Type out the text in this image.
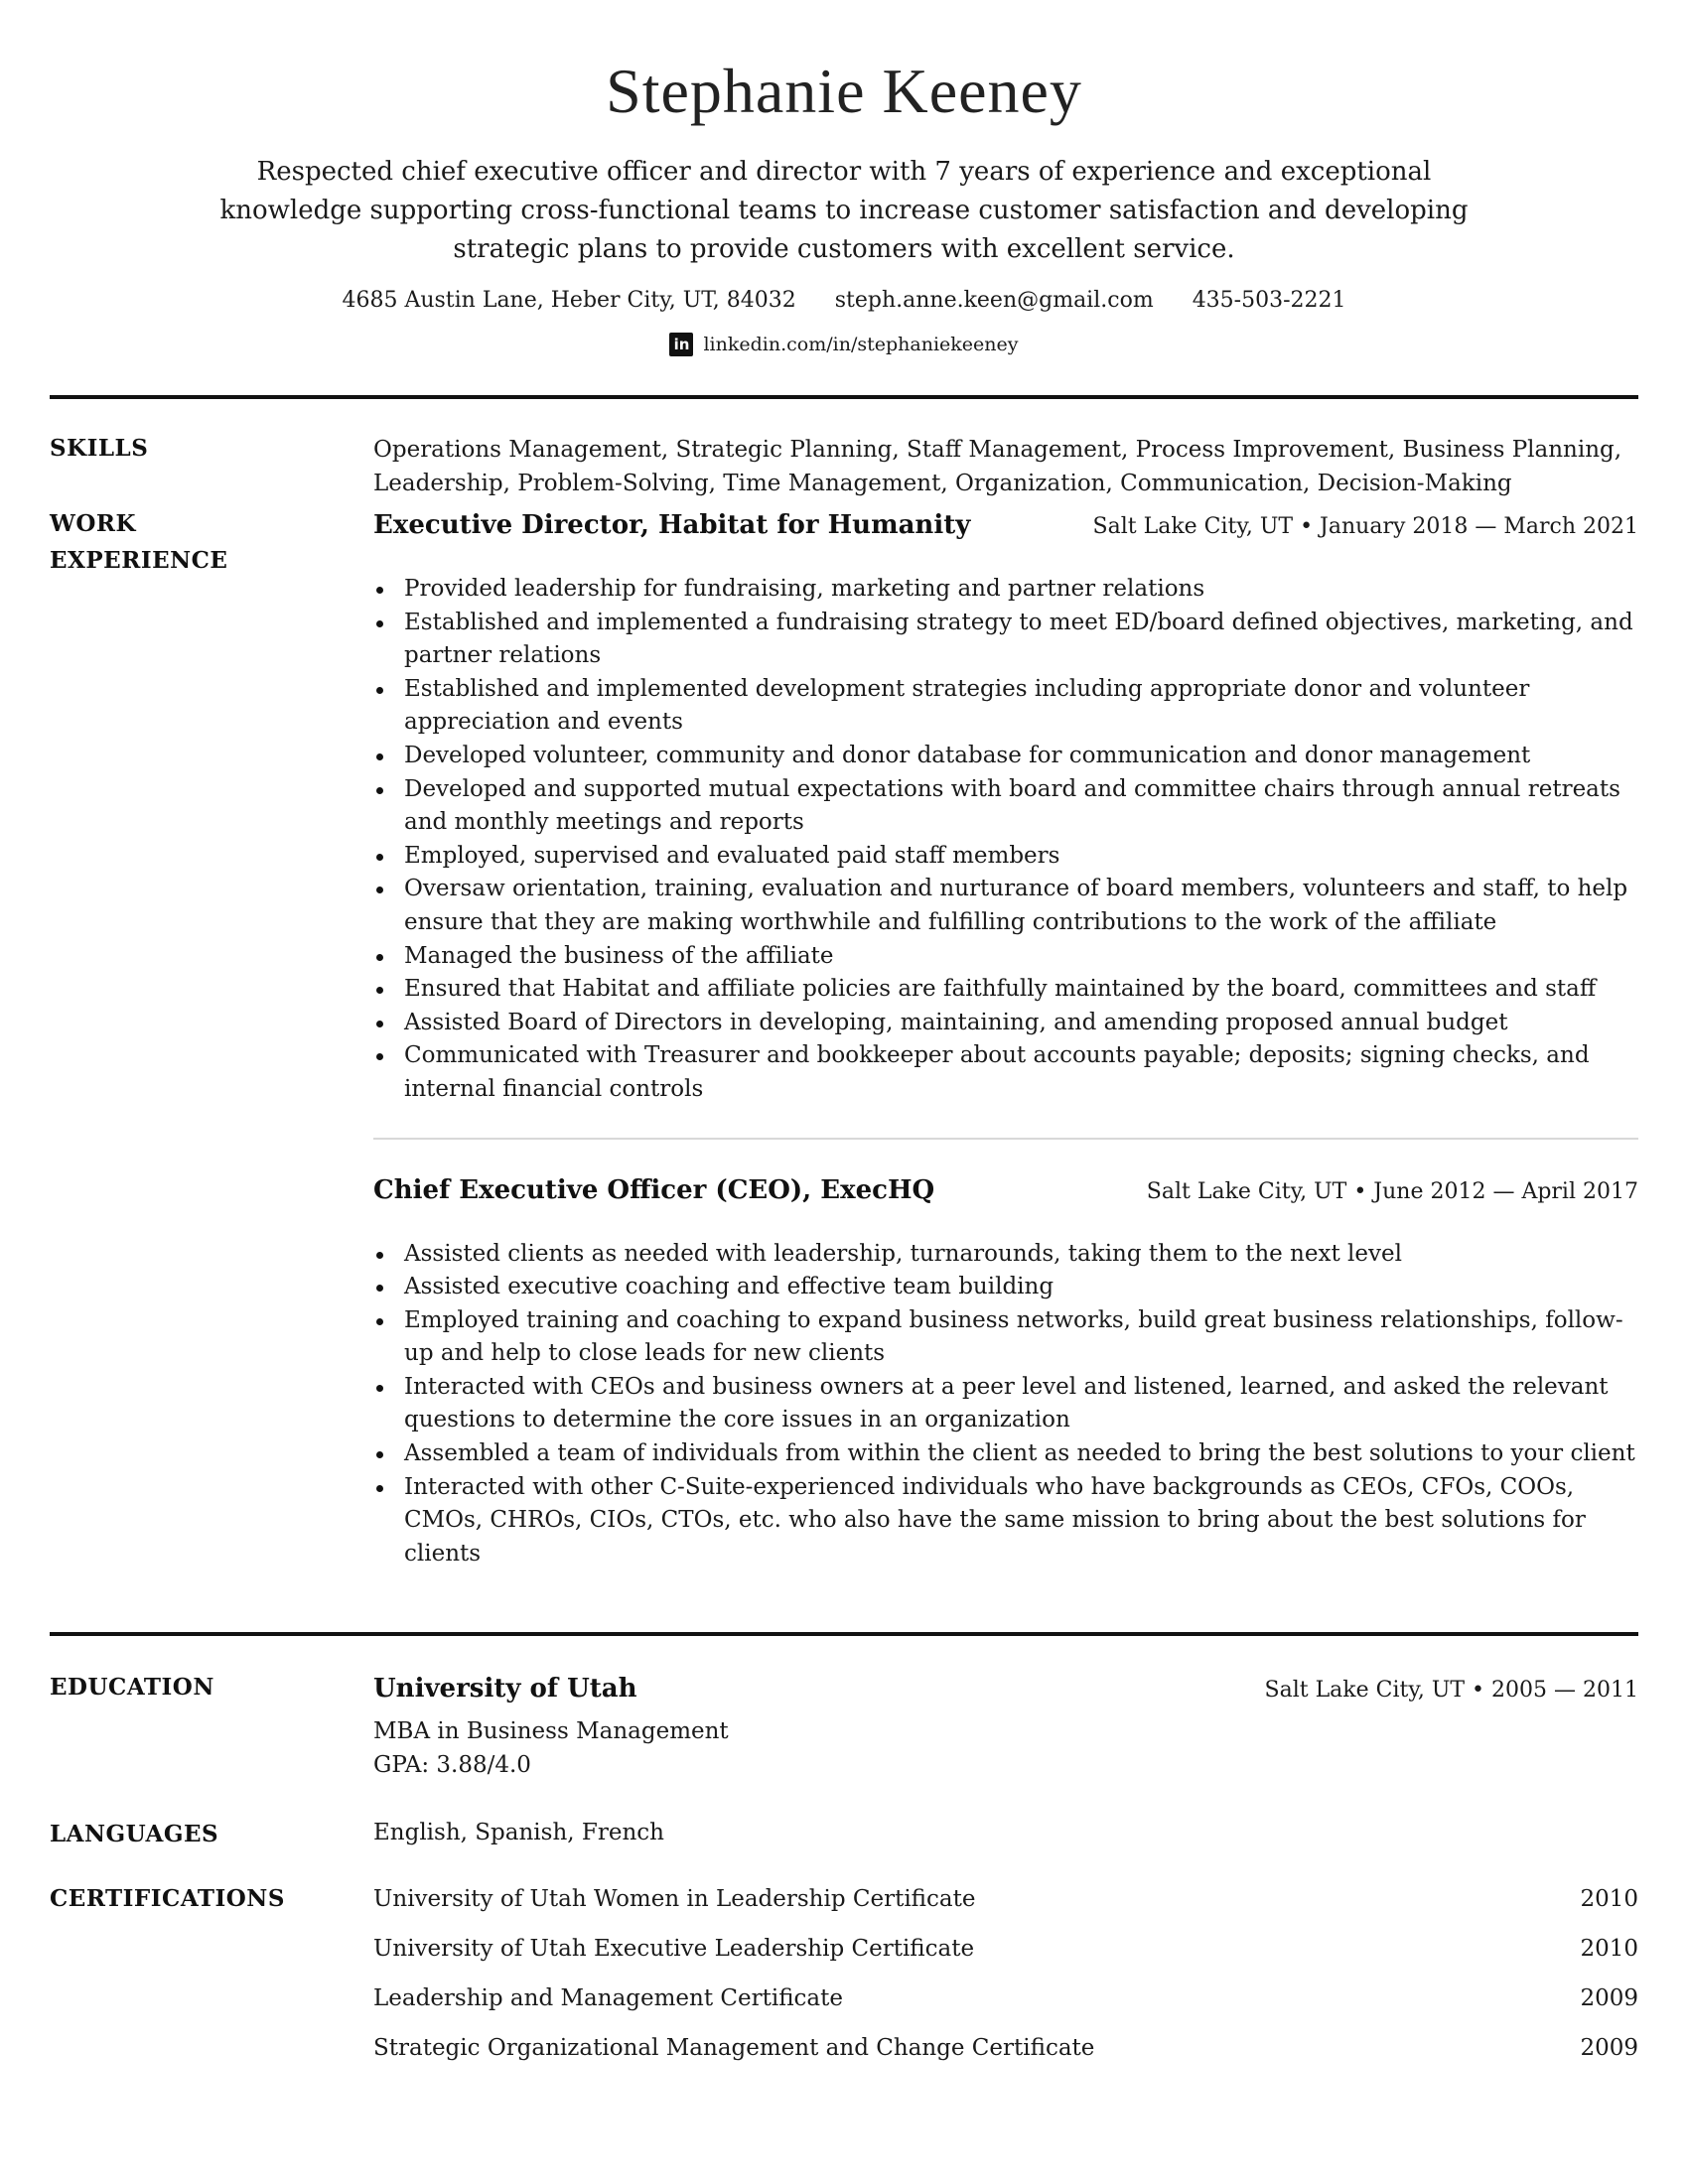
Stephanie Keeney
Respected chief executive officer and director with 7 years of experience and exceptional knowledge supporting cross-functional teams to increase customer satisfaction and developing strategic plans to provide customers with excellent service.
4685 Austin Lane, Heber City, UT, 84032 steph.anne.keen@gmail.com 435-503-2221
in linkedin.com/in/stephaniekeeney
SKILLS	Operations Management, Strategic Planning, Staff Management, Process Improvement, Business Planning, Leadership, Problem-Solving, Time Management, Organization, Communication, Decision-Making
WORK
EXPERIENCE
Executive Director, Habitat for Humanity	Salt Lake City, UT • January 2018 — March 2021
Provided leadership for fundraising, marketing and partner relations
Established and implemented a fundraising strategy to meet ED/board defined objectives, marketing, and partner relations
Established and implemented development strategies including appropriate donor and volunteer appreciation and events
Developed volunteer, community and donor database for communication and donor management
Developed and supported mutual expectations with board and committee chairs through annual retreats and monthly meetings and reports
Employed, supervised and evaluated paid staff members
Oversaw orientation, training, evaluation and nurturance of board members, volunteers and staff, to help ensure that they are making worthwhile and fulfilling contributions to the work of the affiliate
Managed the business of the affiliate
Ensured that Habitat and affiliate policies are faithfully maintained by the board, committees and staff
Assisted Board of Directors in developing, maintaining, and amending proposed annual budget
Communicated with Treasurer and bookkeeper about accounts payable; deposits; signing checks, and internal financial controls
Chief Executive Officer (CEO), ExecHQ	Salt Lake City, UT • June 2012 — April 2017
Assisted clients as needed with leadership, turnarounds, taking them to the next level
Assisted executive coaching and effective team building
Employed training and coaching to expand business networks, build great business relationships, follow-up and help to close leads for new clients
Interacted with CEOs and business owners at a peer level and listened, learned, and asked the relevant questions to determine the core issues in an organization
Assembled a team of individuals from within the client as needed to bring the best solutions to your client
Interacted with other C-Suite-experienced individuals who have backgrounds as CEOs, CFOs, COOs, CMOs, CHROs, CIOs, CTOs, etc. who also have the same mission to bring about the best solutions for clients
EDUCATION	University of Utah	Salt Lake City, UT • 2005 — 2011
MBA in Business Management
GPA: 3.88/4.0
LANGUAGES	English, Spanish, French
CERTIFICATIONS	University of Utah Women in Leadership Certificate	2010
University of Utah Executive Leadership Certificate	2010
Leadership and Management Certificate	2009
Strategic Organizational Management and Change Certificate	2009
